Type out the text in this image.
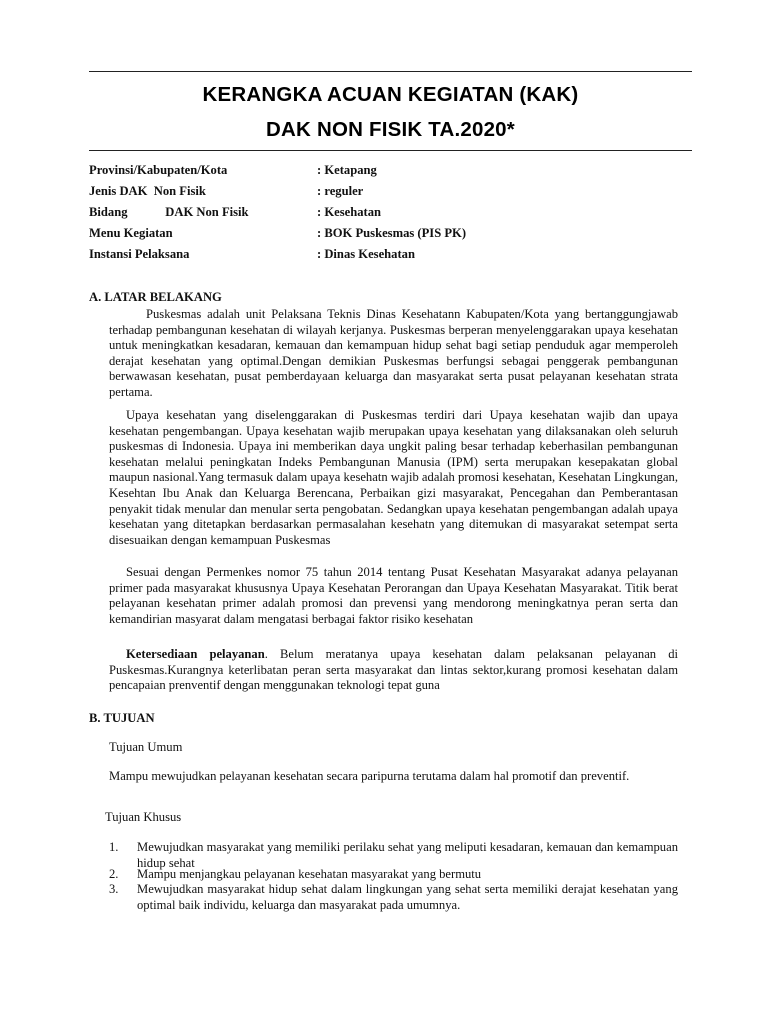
KERANGKA ACUAN KEGIATAN (KAK)
DAK NON FISIK TA.2020*
Provinsi/Kabupaten/Kota	: Ketapang
Jenis DAK  Non Fisik	: reguler
Bidang            DAK Non Fisik	: Kesehatan
Menu Kegiatan	: BOK Puskesmas (PIS PK)
Instansi Pelaksana	: Dinas Kesehatan
A. LATAR BELAKANG

Puskesmas adalah unit Pelaksana Teknis Dinas Kesehatann Kabupaten/Kota yang bertanggungjawab terhadap pembangunan kesehatan di wilayah kerjanya. Puskesmas berperan menyelenggarakan upaya kesehatan untuk meningkatkan kesadaran, kemauan dan kemampuan hidup sehat bagi setiap penduduk agar memperoleh derajat kesehatan yang optimal.Dengan demikian Puskesmas berfungsi sebagai penggerak pembangunan berwawasan kesehatan, pusat pemberdayaan keluarga dan masyarakat serta pusat pelayanan kesehatan strata pertama.

Upaya kesehatan yang diselenggarakan di Puskesmas terdiri dari Upaya kesehatan wajib dan upaya kesehatan pengembangan. Upaya kesehatan wajib merupakan upaya kesehatan yang dilaksanakan oleh seluruh puskesmas di Indonesia. Upaya ini memberikan daya ungkit paling besar terhadap keberhasilan pembangunan kesehatan melalui peningkatan Indeks Pembangunan Manusia (IPM) serta merupakan kesepakatan global maupun nasional.Yang termasuk dalam upaya kesehatn wajib adalah promosi kesehatan, Kesehatan Lingkungan, Kesehtan Ibu Anak dan Keluarga Berencana, Perbaikan gizi masyarakat, Pencegahan dan Pemberantasan penyakit tidak menular dan menular serta pengobatan. Sedangkan upaya kesehatan pengembangan adalah upaya kesehatan yang ditetapkan berdasarkan permasalahan kesehatn yang ditemukan di masyarakat setempat serta disesuaikan dengan kemampuan Puskesmas

Sesuai dengan Permenkes nomor 75 tahun 2014 tentang Pusat Kesehatan Masyarakat adanya pelayanan primer pada masyarakat khususnya Upaya Kesehatan Perorangan dan Upaya Kesehatan Masyarakat. Titik berat pelayanan kesehatan primer adalah promosi dan prevensi yang mendorong meningkatnya peran serta dan kemandirian masyarat dalam mengatasi berbagai faktor risiko kesehatan

Ketersediaan pelayanan. Belum meratanya upaya kesehatan dalam pelaksanan pelayanan di Puskesmas.Kurangnya keterlibatan peran serta masyarakat dan lintas sektor,kurang promosi kesehatan dalam pencapaian prenventif dengan menggunakan teknologi tepat guna

B. TUJUAN
Tujuan Umum

Mampu mewujudkan pelayanan kesehatan secara paripurna terutama dalam hal promotif dan preventif.

Tujuan Khusus
1. Mewujudkan masyarakat yang memiliki perilaku sehat yang meliputi kesadaran, kemauan dan kemampuan hidup sehat
2. Mampu menjangkau pelayanan kesehatan masyarakat yang bermutu
3. Mewujudkan masyarakat hidup sehat dalam lingkungan yang sehat serta memiliki derajat kesehatan yang optimal baik individu, keluarga dan masyarakat pada umumnya.
